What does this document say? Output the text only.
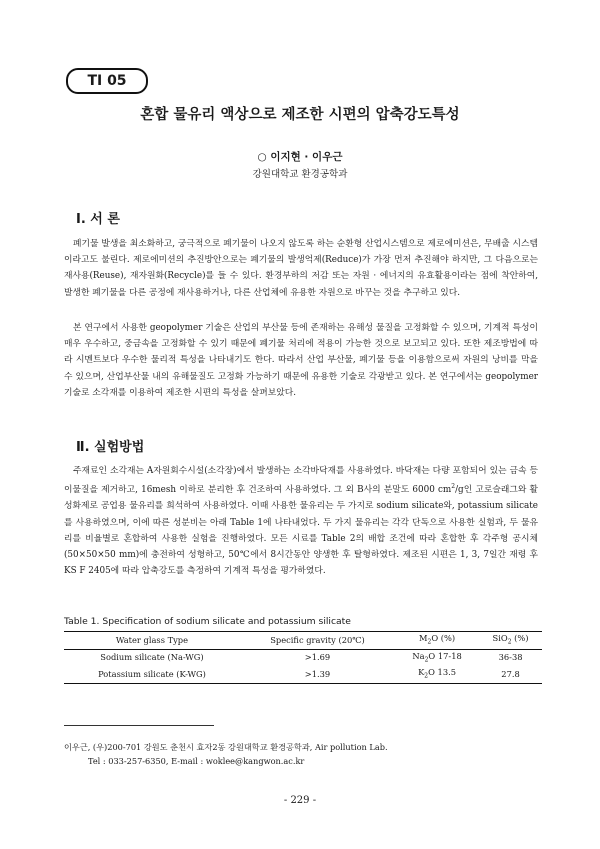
TI 05
혼합 물유리 액상으로 제조한 시편의 압축강도특성
○ 이지현 · 이우근
강원대학교 환경공학과
Ⅰ. 서 론

폐기물 발생을 최소화하고, 궁극적으로 폐기물이 나오지 않도록 하는 순환형 산업시스템으로 제로에미션은, 무배출 시스템이라고도 불린다. 제로에미션의 추진방안으로는 폐기물의 발생억제(Reduce)가 가장 먼저 추진해야 하지만, 그 다음으로는 재사용(Reuse), 재자원화(Recycle)를 들 수 있다. 환경부하의 저감 또는 자원 · 에너지의 유효활용이라는 점에 착안하여, 발생한 폐기물을 다른 공정에 재사용하거나, 다른 산업체에 유용한 자원으로 바꾸는 것을 추구하고 있다.

본 연구에서 사용한 geopolymer 기술은 산업의 부산물 등에 존재하는 유해성 물질을 고정화할 수 있으며, 기계적 특성이 매우 우수하고, 중금속을 고정화할 수 있기 때문에 폐기물 처리에 적용이 가능한 것으로 보고되고 있다. 또한 제조방법에 따라 시멘트보다 우수한 물리적 특성을 나타내기도 한다. 따라서 산업 부산물, 폐기물 등을 이용함으로써 자원의 낭비를 막을 수 있으며, 산업부산물 내의 유해물질도 고정화 가능하기 때문에 유용한 기술로 각광받고 있다. 본 연구에서는 geopolymer 기술로 소각재를 이용하여 제조한 시편의 특성을 살펴보았다.

Ⅱ. 실험방법

주재료인 소각재는 A자원회수시설(소각장)에서 발생하는 소각바닥재를 사용하였다. 바닥재는 다량 포함되어 있는 금속 등 이물질을 제거하고, 16mesh 이하로 분리한 후 건조하여 사용하였다. 그 외 B사의 분말도 6000 $cm^2/g$인 고로슬래그와 활성화제로 공업용 물유리를 희석하여 사용하였다. 이때 사용한 물유리는 두 가지로 sodium silicate와, potassium silicate를 사용하였으며, 이에 따른 성분비는 아래 Table 1에 나타내었다. 두 가지 물유리는 각각 단독으로 사용한 실험과, 두 물유리를 비율별로 혼합하여 사용한 실험을 진행하였다. 모든 시료를 Table 2의 배합 조건에 따라 혼합한 후 각주형 공시체(50×50×50 mm)에 충전하여 성형하고, 50℃에서 8시간동안 양생한 후 탈형하였다. 제조된 시편은 1, 3, 7일간 재령 후 KS F 2405에 따라 압축강도를 측정하여 기계적 특성을 평가하였다.

Table 1. Specification of sodium silicate and potassium silicate
Water glass Type	Specific gravity (20℃)	$M_2O$ (%)	SiO$_2$ (%)
Sodium silicate (Na-WG)	>1.69	$Na_2O$ 17-18	36-38
Potassium silicate (K-WG)	>1.39	$K_2O$ 13.5	27.8
이우근, (우)200-701 강원도 춘천시 효자2동 강원대학교 환경공학과, Air pollution Lab.
Tel : 033-257-6350, E-mail : woklee@kangwon.ac.kr
- 229 -
